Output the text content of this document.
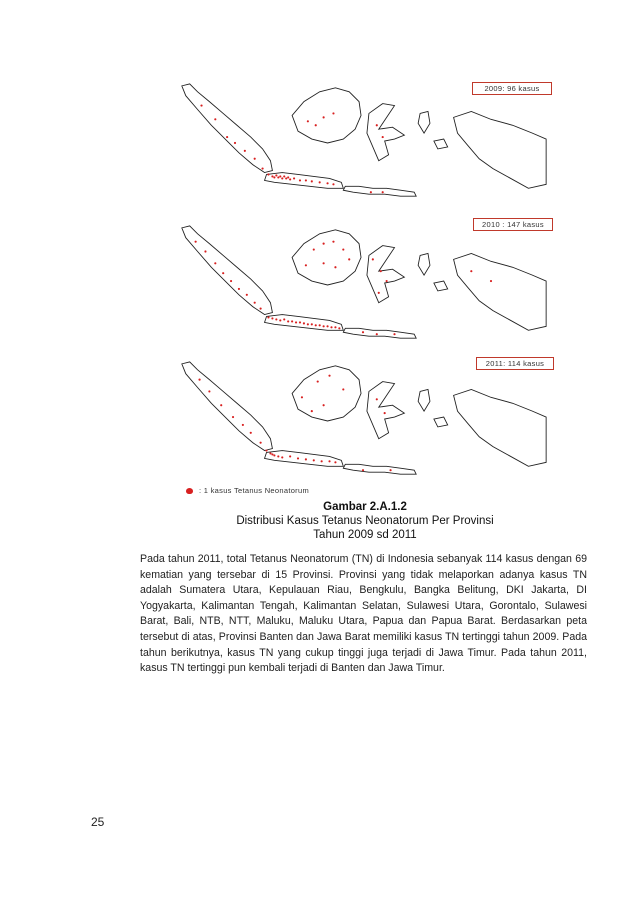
2009: 96 kasus
2010 : 147 kasus
2011: 114 kasus
: 1 kasus Tetanus Neonatorum
Gambar 2.A.1.2
Distribusi Kasus Tetanus Neonatorum Per Provinsi
Tahun 2009 sd 2011

Pada tahun 2011, total Tetanus Neonatorum (TN) di Indonesia sebanyak 114 kasus dengan 69 kematian yang tersebar di 15 Provinsi. Provinsi yang tidak melaporkan adanya kasus TN adalah Sumatera Utara, Kepulauan Riau, Bengkulu, Bangka Belitung, DKI Jakarta, DI Yogyakarta, Kalimantan Tengah, Kalimantan Selatan, Sulawesi Utara, Gorontalo, Sulawesi Barat, Bali, NTB, NTT, Maluku, Maluku Utara, Papua dan Papua Barat. Berdasarkan peta tersebut di atas, Provinsi Banten dan Jawa Barat memiliki kasus TN tertinggi tahun 2009. Pada tahun berikutnya, kasus TN yang cukup tinggi juga terjadi di Jawa Timur. Pada tahun 2011, kasus TN tertinggi pun kembali terjadi di Banten dan Jawa Timur.

25
